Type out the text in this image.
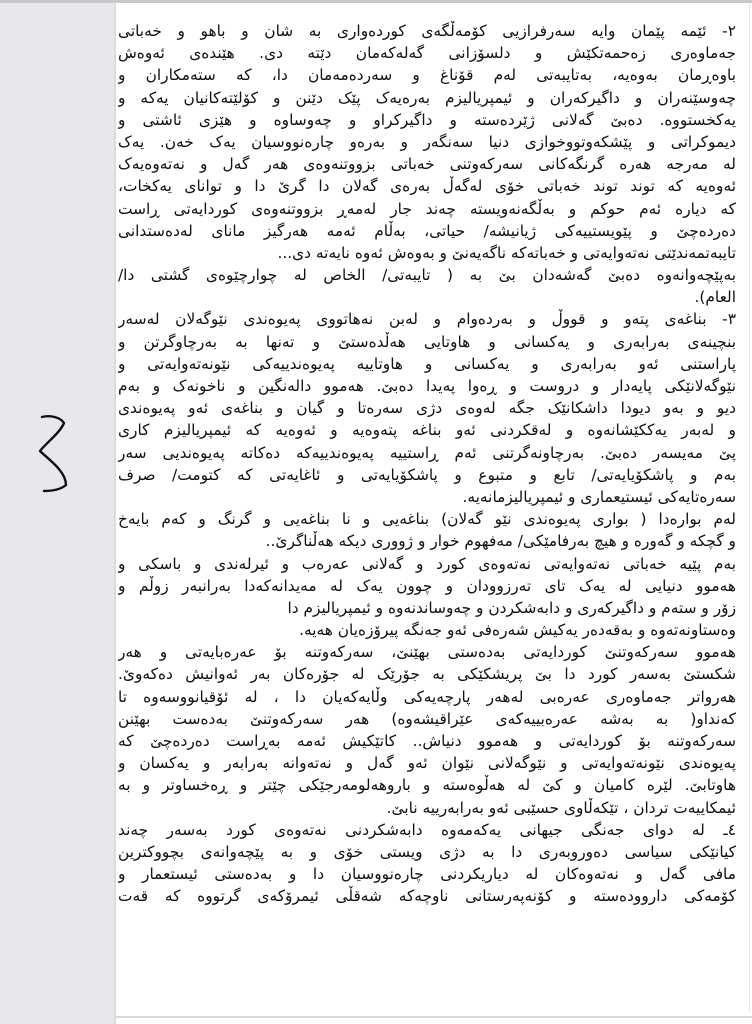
٢- ئێمە پێمان وایە سەرفرازیی کۆمەڵگەی کوردەواری بە شان و باهو و خەباتی
جەماوەری زەحمەتکێش و دلسۆزانی گەلەکەمان دێتە دی. هێندەی ئەوەش
باوەڕمان بەوەیە، بەتایبەتی لەم قۆناغ و سەردەمەمان دا، کە ستەمکاران و
چەوسێنەران و داگیرکەران و ئیمپریالیزم بەرەیەک پێک دێنن و کۆلێتەکانیان یەکە و
یەکخستووە. دەبێ گەلانی ژێردەستە و داگیرکراو و چەوساوە و هێزی ئاشتی و
دیموکراتی و پێشکەوتووخوازی دنیا سەنگەر و بەرەو چارەنووسیان یەک خەن. یەک
لە مەرجە هەرە گرنگەکانی سەرکەوتنی خەباتی بزووتنەوەی هەر گەل و نەتەوەیەک
ئەوەیە کە توند توند خەباتی خۆی لەگەڵ بەرەی گەلان دا گرێ دا و توانای یەکخات،
کە دیارە ئەم حوکم و بەڵگەنەویستە چەند جار لەمەڕ بزووتنەوەی کوردایەتی ڕاست
دەردەچێ و پێویستییەکی ژیانیشە/ حیاتی، بەڵام ئەمە هەرگیز مانای لەدەستدانی
تایبەتمەندێتی نەتەوایەتی و خەباتەکە ناگەیەنێ و بەوەش ئەوە نایەتە دی...
بەپێچەوانەوە دەبێ گەشەدان بێ بە ( تایبەتی/ الخاص لە چوارچێوەی گشتی دا/
العام).
٣- بناغەی پتەو و قووڵ و بەردەوام و لەبن نەهاتووی پەیوەندی نێوگەلان لەسەر
بنچینەی بەرابەری و یەکسانی و هاوتایی هەڵدەستێ و تەنها بە بەرچاوگرتن و
پاراستنی ئەو بەرابەری و یەکسانی و هاوتاییە پەیوەندییەکی نێونەتەوایەتی و
نێوگەلانێکی پایەدار و دروست و ڕەوا پەیدا دەبێ. هەموو دالەنگین و ناخونەک و بەم
دیو و بەو دیودا داشکانێک جگە لەوەی دژی سەرەتا و گیان و بناغەی ئەو پەیوەندی
و لەبەر یەککێشانەوە و لەقکردنی ئەو بناغە پتەوەیە و ئەوەیە کە ئیمپریالیزم کاری
پێ مەیسەر دەبێ. بەرچاونەگرتنی ئەم ڕاستییە پەیوەندییەکە دەکاتە پەیوەندیی سەر
بەم و پاشکۆیایەتی/ تابع و متبوع و پاشکۆیایەتی و ئاغایەتی کە کتومت/ صرف
سەرەتایەکی ئیستیعماری و ئیمپریالیزمانەیە.
لەم بوارەدا ( بواری پەیوەندی نێو گەلان) بناغەیی و نا بناغەیی و گرنگ و کەم بایەخ
و گچکە و گەورە و هیچ بەرفامێکی/ مەفهوم خوار و ژووری دیکە هەڵناگرێ..
بەم پێیە خەباتی نەتەوایەتی نەتەوەی کورد و گەلانی عەرەب و ئیرلەندی و باسکی و
هەموو دنیایی لە یەک تای تەرزوودان و چوون یەک لە مەیدانەکەدا بەرانبەر زوڵم و
زۆر و ستەم و داگیرکەری و دابەشکردن و چەوساندنەوە و ئیمپریالیزم دا
وەستاونەتەوە و بەقەدەر یەکیش شەرەفی ئەو جەنگە پیرۆزەیان هەیە.
هەموو سەرکەوتنێ کوردایەتی بەدەستی بهێنێ، سەرکەوتنە بۆ عەرەبایەتی و هەر
شکستێ بەسەر کورد دا بێ پریشکێکی بە جۆرێک لە جۆرەکان بەر ئەوانیش دەکەوێ.
هەرواتر جەماوەری عەرەبی لەهەر پارچەیەکی وڵایەکەیان دا ، لە ئۆقیانووسەوە تا
کەنداو( بە بەشە عەرەبییەکەی عێراقیشەوە) هەر سەرکەوتنێ بەدەست بهێنن
سەرکەوتنە بۆ کوردایەتی و هەموو دنیاش.. کاتێکیش ئەمە بەڕاست دەردەچێ کە
پەیوەندی نێونەتەوایەتی و نێوگەلانی نێوان ئەو گەل و نەتەوانە بەرابەر و یەکسان و
هاوتابێ. لێرە کامیان و کێ لە هەڵوەستە و باروهەلومەرجێکی چێتر و ڕەخساوتر و بە
ئیمکاییەت تردان ، تێکەڵاوی حسێبی ئەو بەرابەرییە نابێ.
٤ـ لە دوای جەنگی جیهانی یەکەمەوە دابەشکردنی نەتەوەی کورد بەسەر چەند
کیانێکی سیاسی دەوروبەری دا بە دژی ویستی خۆی و بە پێچەوانەی بچووکترین
مافی گەل و نەتەوەکان لە دیاریکردنی چارەنووسیان دا و بەدەستی ئیستعمار و
کۆمەکی داروودەستە و کۆنەپەرستانی ناوچەکە شەقڵی ئیمرۆکەی گرتووە کە قەت
